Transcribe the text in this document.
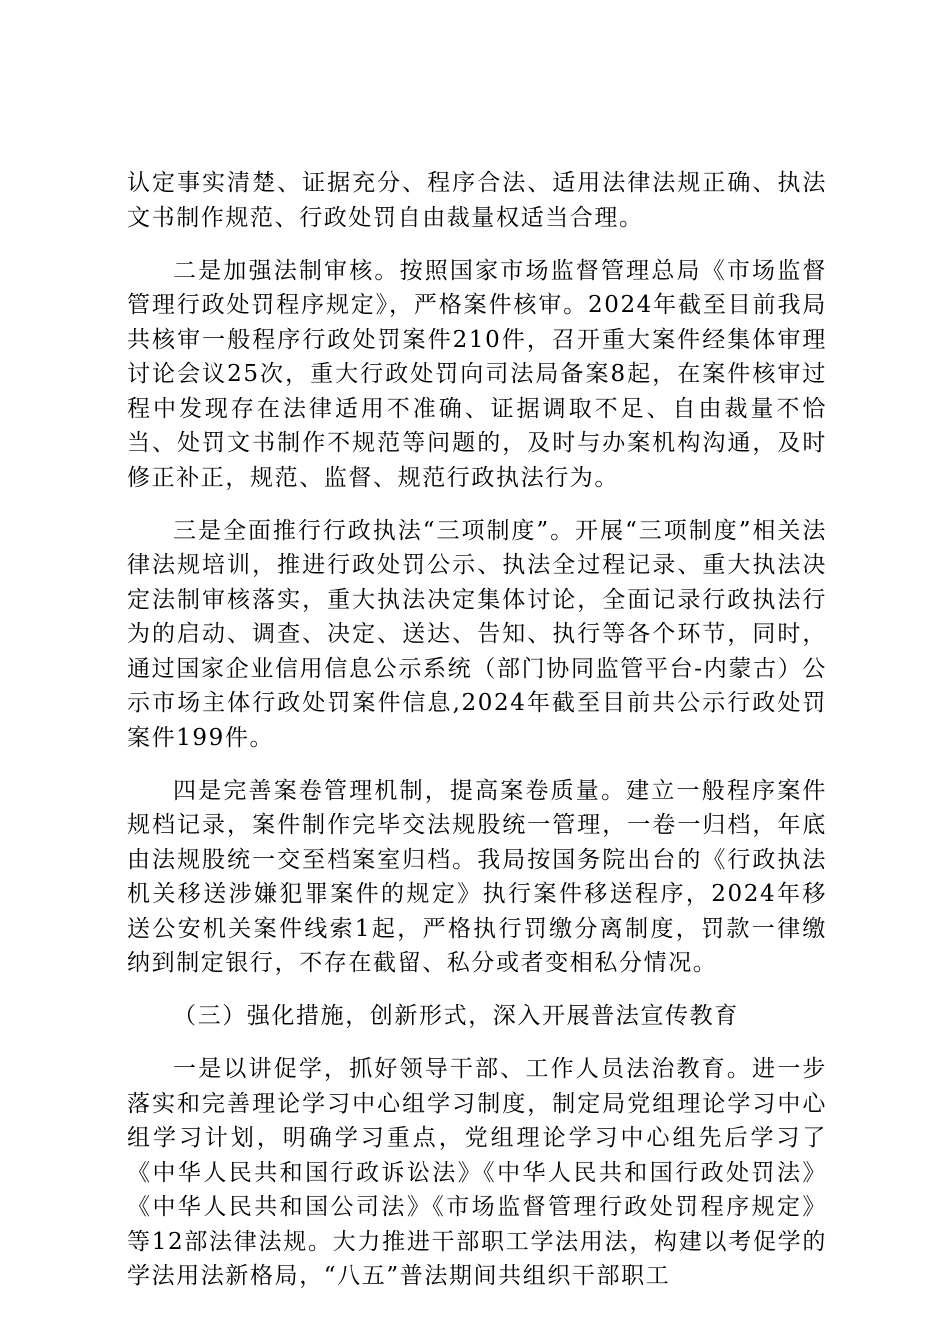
认定事实清楚、证据充分、程序合法、适用法律法规正确、执法文书制作规范、行政处罚自由裁量权适当合理。

二是加强法制审核。按照国家市场监督管理总局《市场监督管理行政处罚程序规定》，严格案件核审。2024年截至目前我局共核审一般程序行政处罚案件210件，召开重大案件经集体审理讨论会议25次，重大行政处罚向司法局备案8起，在案件核审过程中发现存在法律适用不准确、证据调取不足、自由裁量不恰当、处罚文书制作不规范等问题的，及时与办案机构沟通，及时修正补正，规范、监督、规范行政执法行为。

三是全面推行行政执法“三项制度”。开展“三项制度”相关法律法规培训，推进行政处罚公示、执法全过程记录、重大执法决定法制审核落实，重大执法决定集体讨论，全面记录行政执法行为的启动、调查、决定、送达、告知、执行等各个环节，同时，通过国家企业信用信息公示系统（部门协同监管平台-内蒙古）公示市场主体行政处罚案件信息,2024年截至目前共公示行政处罚案件199件。

四是完善案卷管理机制，提高案卷质量。建立一般程序案件规档记录，案件制作完毕交法规股统一管理，一卷一归档，年底由法规股统一交至档案室归档。我局按国务院出台的《行政执法机关移送涉嫌犯罪案件的规定》执行案件移送程序，2024年移送公安机关案件线索1起，严格执行罚缴分离制度，罚款一律缴纳到制定银行，不存在截留、私分或者变相私分情况。

（三）强化措施，创新形式，深入开展普法宣传教育

一是以讲促学，抓好领导干部、工作人员法治教育。进一步落实和完善理论学习中心组学习制度，制定局党组理论学习中心组学习计划，明确学习重点，党组理论学习中心组先后学习了《中华人民共和国行政诉讼法》《中华人民共和国行政处罚法》《中华人民共和国公司法》《市场监督管理行政处罚程序规定》等12部法律法规。大力推进干部职工学法用法，构建以考促学的学法用法新格局，“八五”普法期间共组织干部职工
